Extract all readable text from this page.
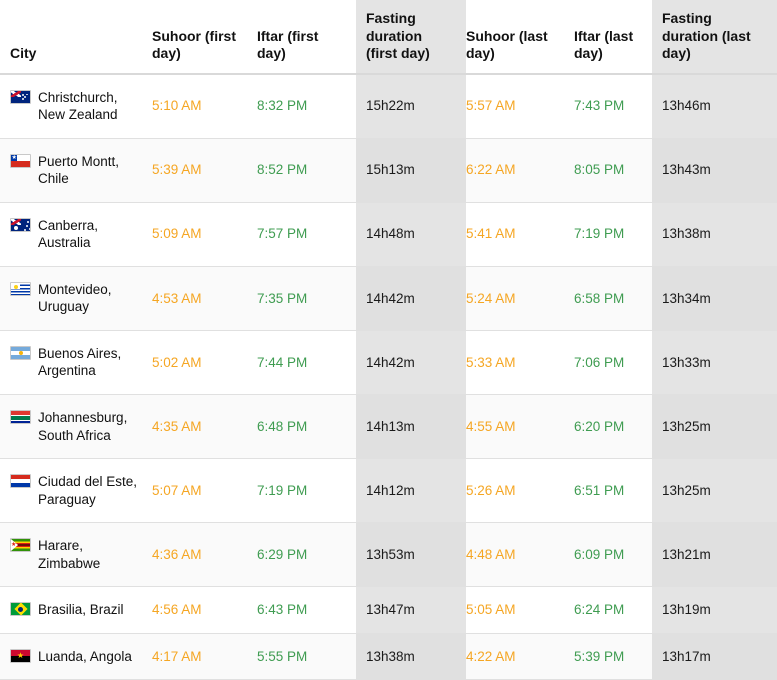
City	Suhoor (first day)	Iftar (first day)	Fasting duration (first day)	Suhoor (last day)	Iftar (last day)	Fasting duration (last day)

Christchurch, New Zealand	5:10 AM	8:32 PM	15h22m	5:57 AM	7:43 PM	13h46m

★
Puerto Montt, Chile	5:39 AM	8:52 PM	15h13m	6:22 AM	8:05 PM	13h43m

Canberra, Australia	5:09 AM	7:57 PM	14h48m	5:41 AM	7:19 PM	13h38m

Montevideo, Uruguay	4:53 AM	7:35 PM	14h42m	5:24 AM	6:58 PM	13h34m

Buenos Aires, Argentina	5:02 AM	7:44 PM	14h42m	5:33 AM	7:06 PM	13h33m

Johannesburg, South Africa	4:35 AM	6:48 PM	14h13m	4:55 AM	6:20 PM	13h25m

Ciudad del Este, Paraguay	5:07 AM	7:19 PM	14h12m	5:26 AM	6:51 PM	13h25m

★
Harare, Zimbabwe	4:36 AM	6:29 PM	13h53m	4:48 AM	6:09 PM	13h21m

Brasilia, Brazil	4:56 AM	6:43 PM	13h47m	5:05 AM	6:24 PM	13h19m

★
Luanda, Angola	4:17 AM	5:55 PM	13h38m	4:22 AM	5:39 PM	13h17m
